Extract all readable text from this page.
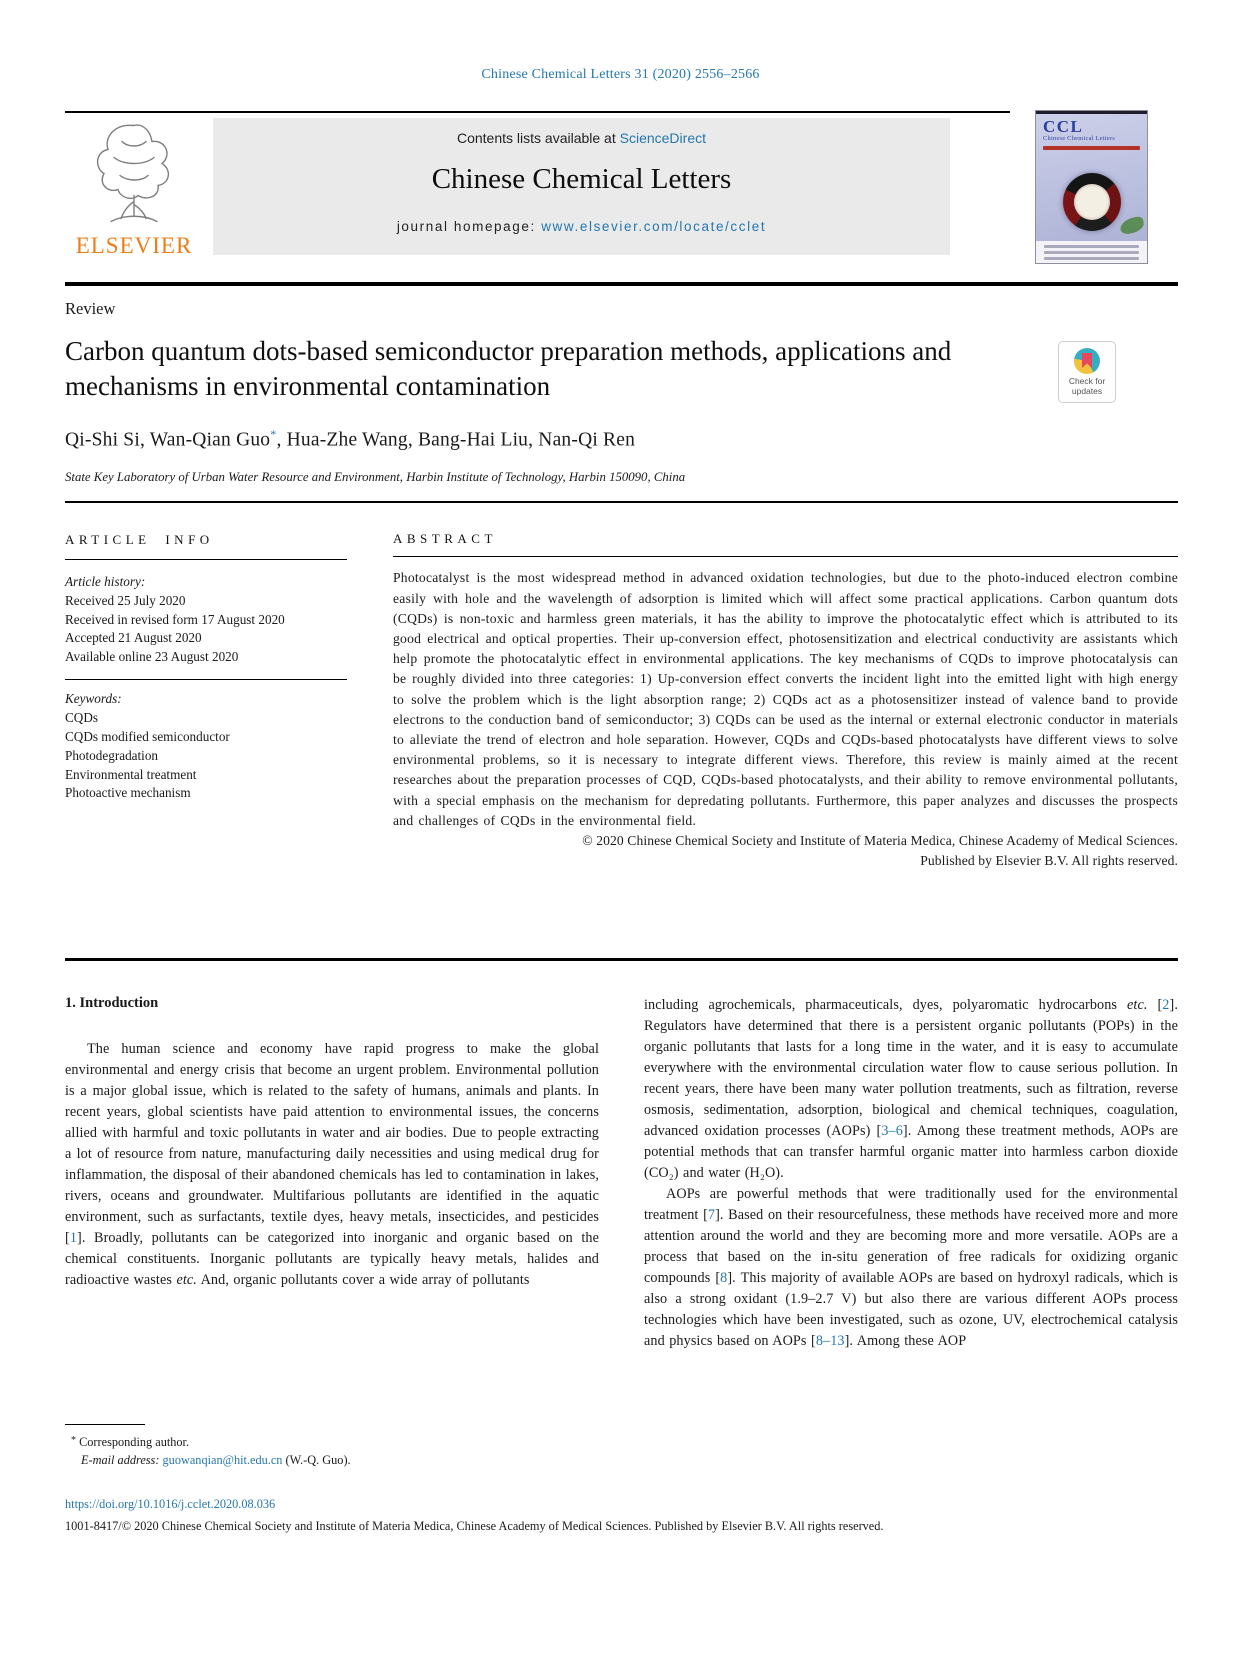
Chinese Chemical Letters 31 (2020) 2556–2566
ELSEVIER
Contents lists available at ScienceDirect
Chinese Chemical Letters
journal homepage: www.elsevier.com/locate/cclet
CCL
Chinese Chemical Letters
Review
Carbon quantum dots-based semiconductor preparation methods, applications and mechanisms in environmental contamination	Check for
updates
Qi-Shi Si, Wan-Qian Guo*, Hua-Zhe Wang, Bang-Hai Liu, Nan-Qi Ren
State Key Laboratory of Urban Water Resource and Environment, Harbin Institute of Technology, Harbin 150090, China
ARTICLE INFO
Article history:
Received 25 July 2020
Received in revised form 17 August 2020
Accepted 21 August 2020
Available online 23 August 2020
Keywords:
CQDs
CQDs modified semiconductor
Photodegradation
Environmental treatment
Photoactive mechanism
ABSTRACT
Photocatalyst is the most widespread method in advanced oxidation technologies, but due to the photo-induced electron combine easily with hole and the wavelength of adsorption is limited which will affect some practical applications. Carbon quantum dots (CQDs) is non-toxic and harmless green materials, it has the ability to improve the photocatalytic effect which is attributed to its good electrical and optical properties. Their up-conversion effect, photosensitization and electrical conductivity are assistants which help promote the photocatalytic effect in environmental applications. The key mechanisms of CQDs to improve photocatalysis can be roughly divided into three categories: 1) Up-conversion effect converts the incident light into the emitted light with high energy to solve the problem which is the light absorption range; 2) CQDs act as a photosensitizer instead of valence band to provide electrons to the conduction band of semiconductor; 3) CQDs can be used as the internal or external electronic conductor in materials to alleviate the trend of electron and hole separation. However, CQDs and CQDs-based photocatalysts have different views to solve environmental problems, so it is necessary to integrate different views. Therefore, this review is mainly aimed at the recent researches about the preparation processes of CQD, CQDs-based photocatalysts, and their ability to remove environmental pollutants, with a special emphasis on the mechanism for depredating pollutants. Furthermore, this paper analyzes and discusses the prospects and challenges of CQDs in the environmental field.
© 2020 Chinese Chemical Society and Institute of Materia Medica, Chinese Academy of Medical Sciences.
Published by Elsevier B.V. All rights reserved.
1. Introduction

The human science and economy have rapid progress to make the global environmental and energy crisis that become an urgent problem. Environmental pollution is a major global issue, which is related to the safety of humans, animals and plants. In recent years, global scientists have paid attention to environmental issues, the concerns allied with harmful and toxic pollutants in water and air bodies. Due to people extracting a lot of resource from nature, manufacturing daily necessities and using medical drug for inflammation, the disposal of their abandoned chemicals has led to contamination in lakes, rivers, oceans and groundwater. Multifarious pollutants are identified in the aquatic environment, such as surfactants, textile dyes, heavy metals, insecticides, and pesticides [1]. Broadly, pollutants can be categorized into inorganic and organic based on the chemical constituents. Inorganic pollutants are typically heavy metals, halides and radioactive wastes etc. And, organic pollutants cover a wide array of pollutants

including agrochemicals, pharmaceuticals, dyes, polyaromatic hydrocarbons etc. [2]. Regulators have determined that there is a persistent organic pollutants (POPs) in the organic pollutants that lasts for a long time in the water, and it is easy to accumulate everywhere with the environmental circulation water flow to cause serious pollution. In recent years, there have been many water pollution treatments, such as filtration, reverse osmosis, sedimentation, adsorption, biological and chemical techniques, coagulation, advanced oxidation processes (AOPs) [3–6]. Among these treatment methods, AOPs are potential methods that can transfer harmful organic matter into harmless carbon dioxide (CO₂) and water (H₂O).

AOPs are powerful methods that were traditionally used for the environmental treatment [7]. Based on their resourcefulness, these methods have received more and more attention around the world and they are becoming more and more versatile. AOPs are a process that based on the in-situ generation of free radicals for oxidizing organic compounds [8]. This majority of available AOPs are based on hydroxyl radicals, which is also a strong oxidant (1.9–2.7 V) but also there are various different AOPs process technologies which have been investigated, such as ozone, UV, electrochemical catalysis and physics based on AOPs [8–13]. Among these AOP

* Corresponding author.
E-mail address: guowanqian@hit.edu.cn (W.-Q. Guo).
https://doi.org/10.1016/j.cclet.2020.08.036
1001-8417/© 2020 Chinese Chemical Society and Institute of Materia Medica, Chinese Academy of Medical Sciences. Published by Elsevier B.V. All rights reserved.
